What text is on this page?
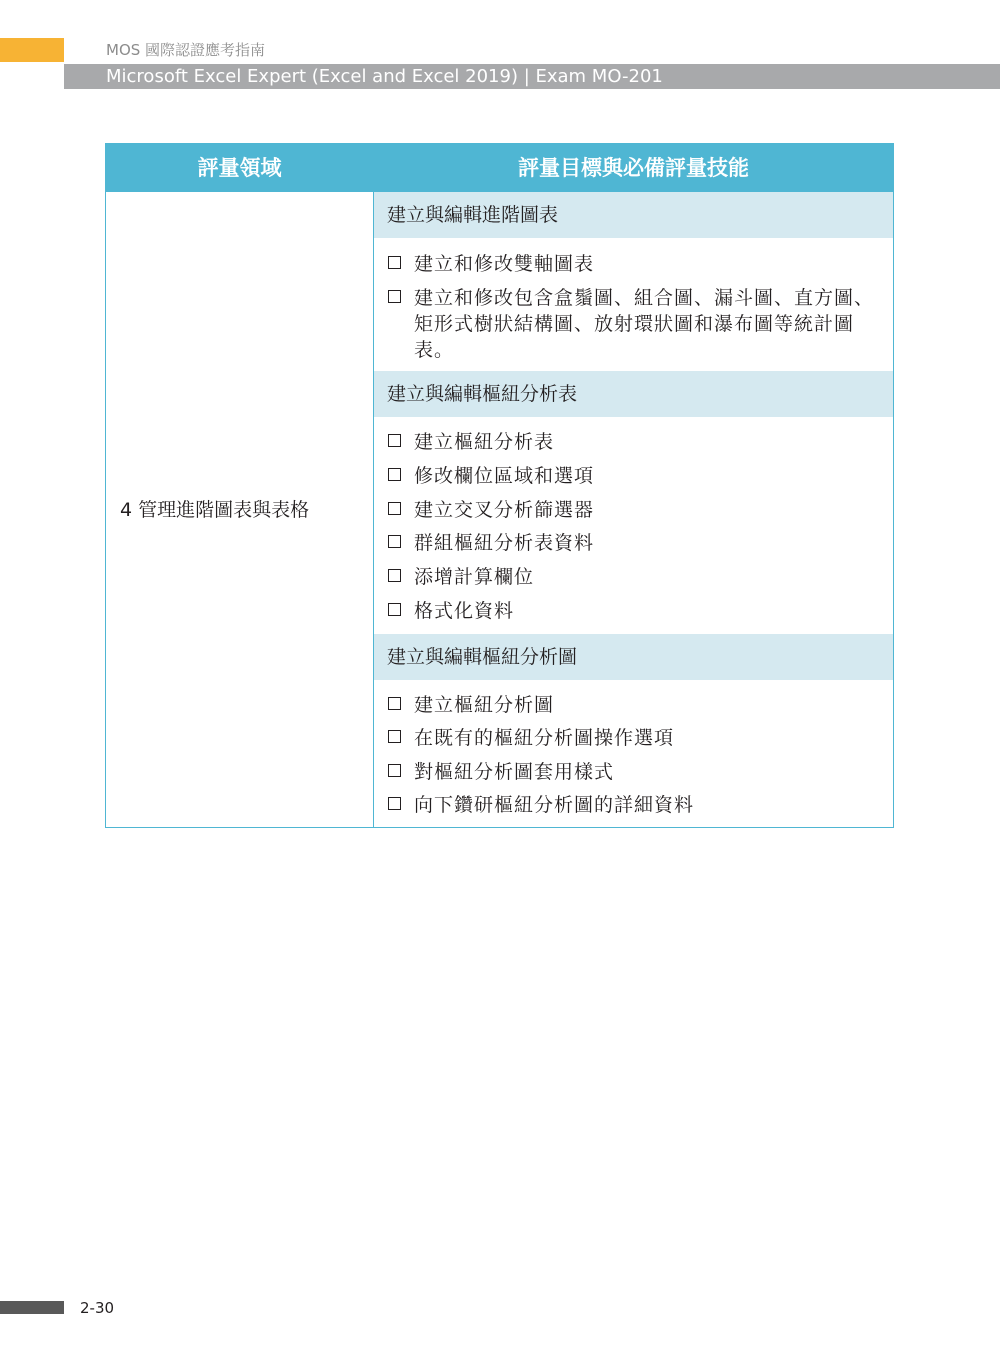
MOS 國際認證應考指南
Microsoft Excel Expert (Excel and Excel 2019) | Exam MO-201
評量領域	評量目標與必備評量技能
4 管理進階圖表與表格
建立與編輯進階圖表
建立和修改雙軸圖表
建立和修改包含盒鬚圖、組合圖、漏斗圖、直方圖、矩形式樹狀結構圖、放射環狀圖和瀑布圖等統計圖表。
建立與編輯樞紐分析表
建立樞紐分析表
修改欄位區域和選項
建立交叉分析篩選器
群組樞紐分析表資料
添增計算欄位
格式化資料
建立與編輯樞紐分析圖
建立樞紐分析圖
在既有的樞紐分析圖操作選項
對樞紐分析圖套用樣式
向下鑽研樞紐分析圖的詳細資料
2-30
